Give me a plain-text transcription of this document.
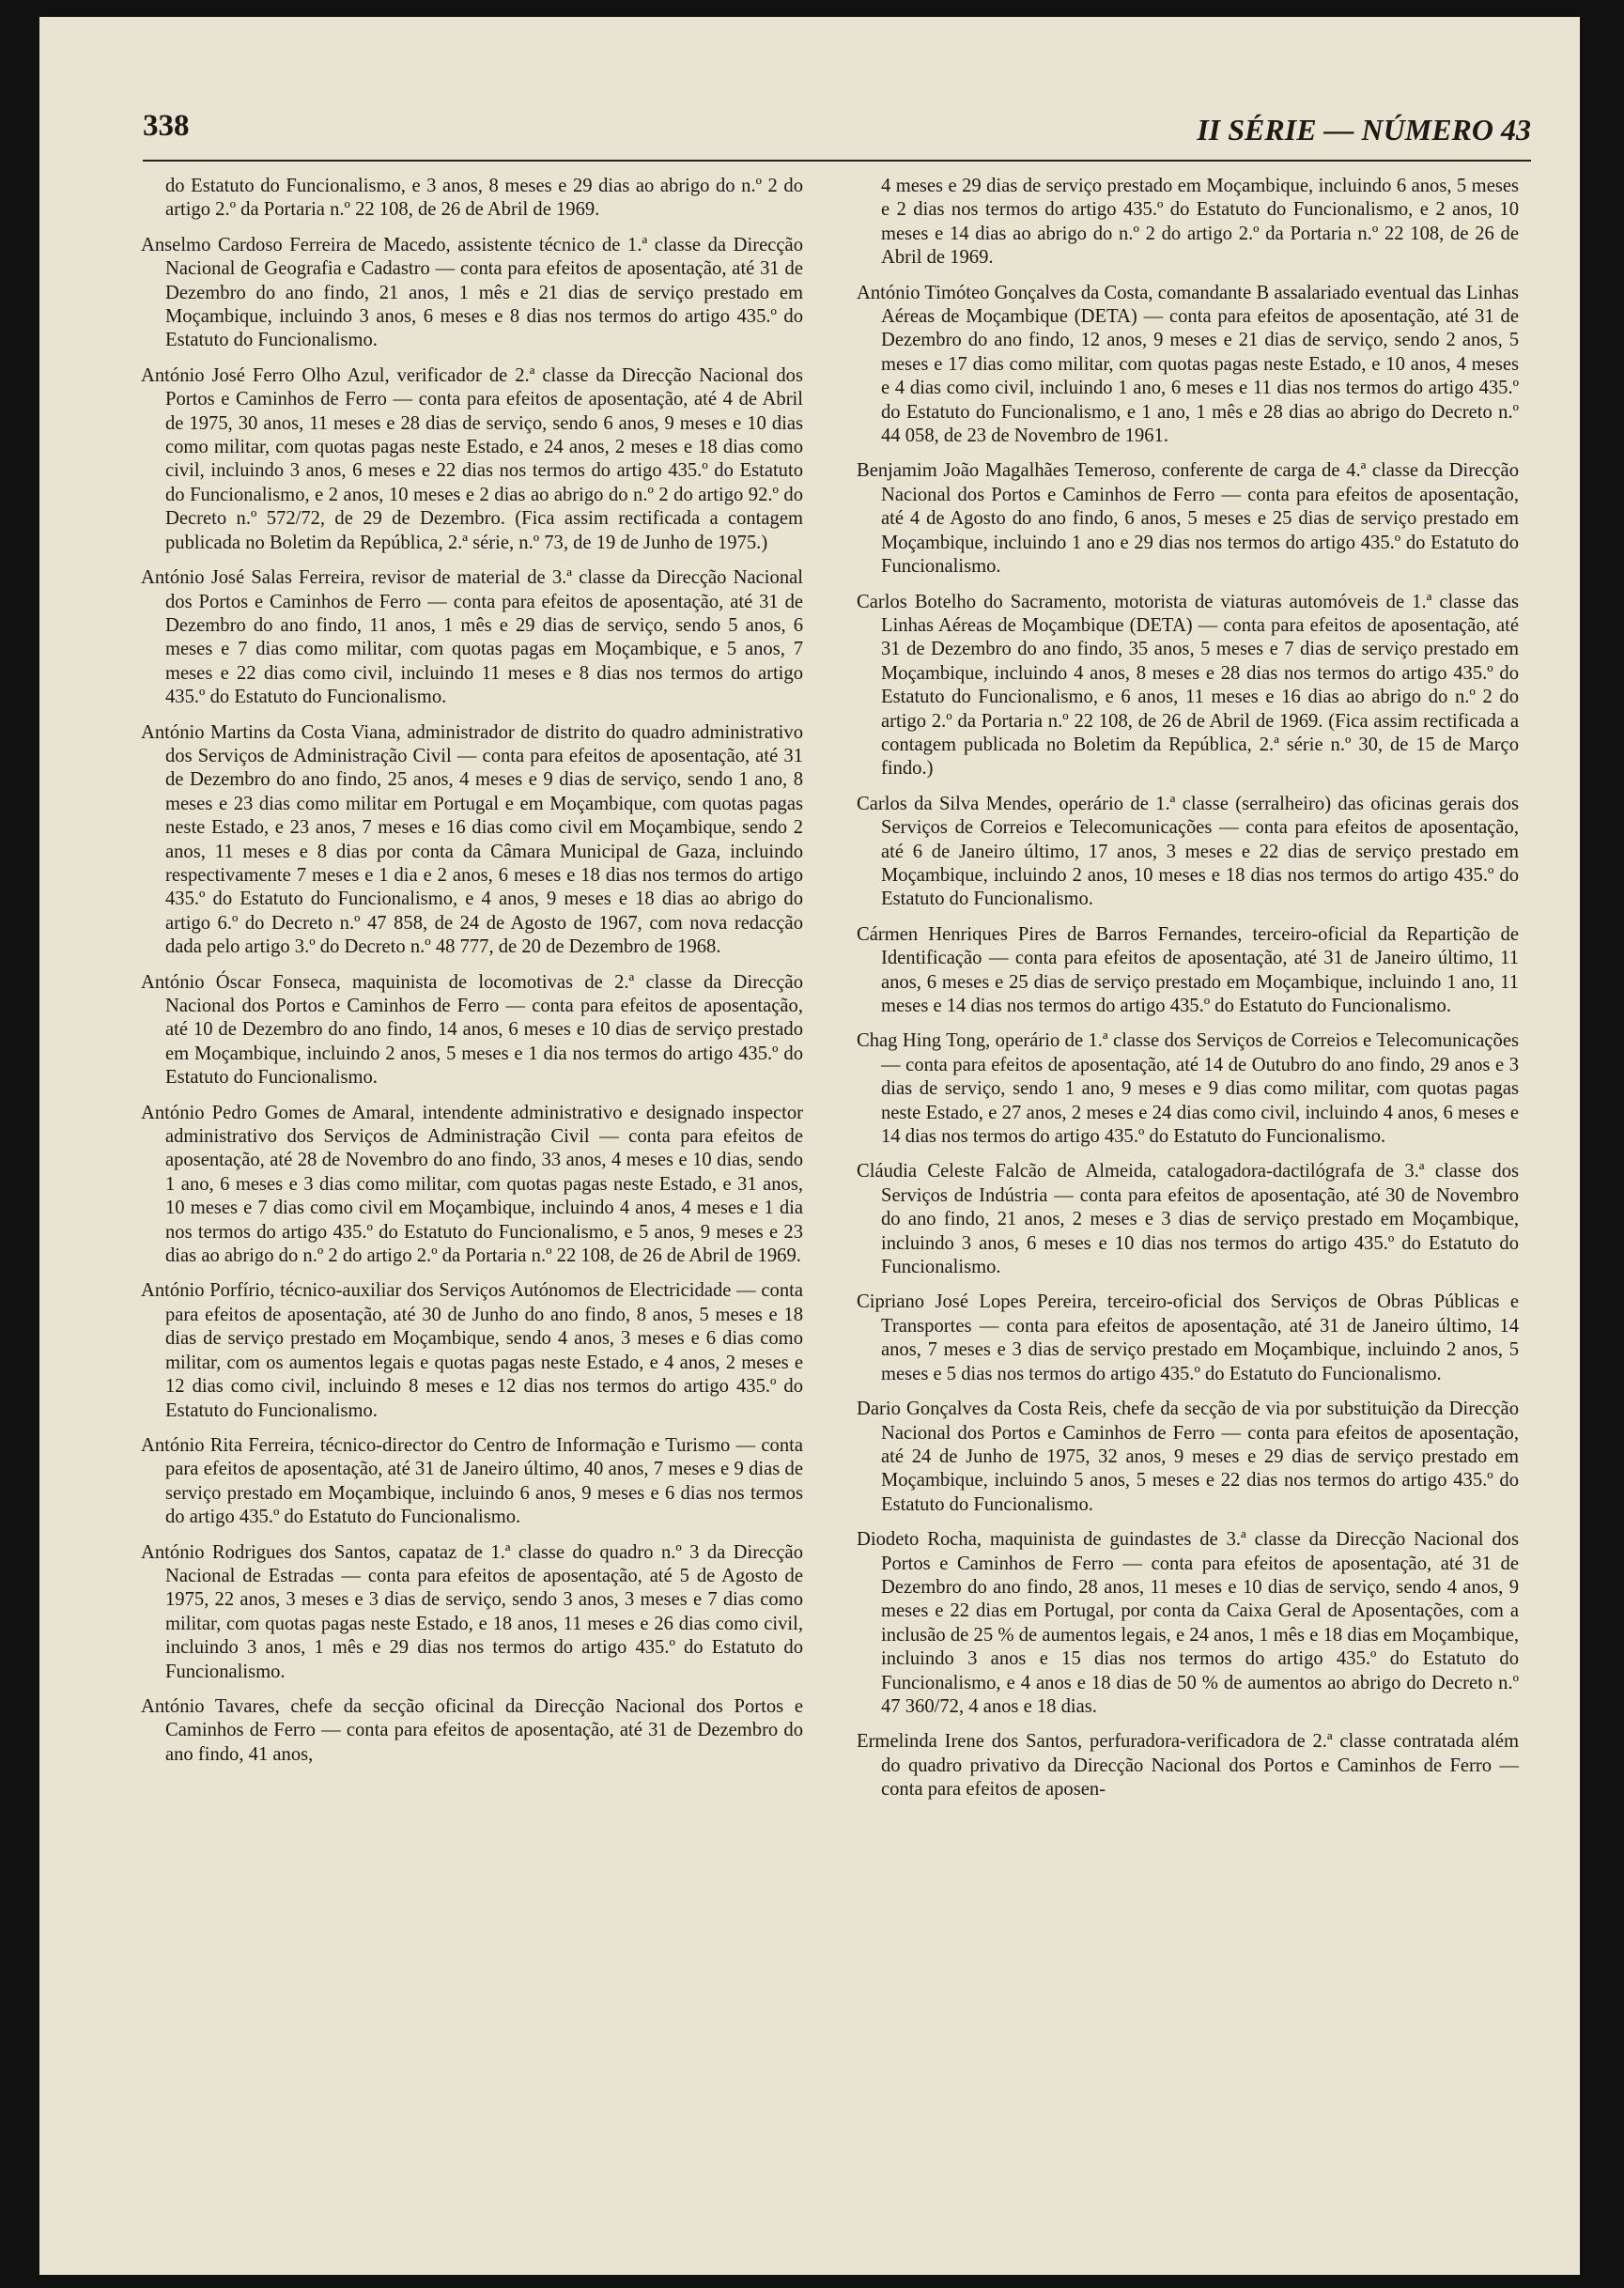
338	II SÉRIE — NÚMERO 43

do Estatuto do Funcionalismo, e 3 anos, 8 meses e 29 dias ao abrigo do n.º 2 do artigo 2.º da Portaria n.º 22 108, de 26 de Abril de 1969.

Anselmo Cardoso Ferreira de Macedo, assistente técnico de 1.ª classe da Direcção Nacional de Geografia e Cadastro — conta para efeitos de aposentação, até 31 de Dezembro do ano findo, 21 anos, 1 mês e 21 dias de serviço prestado em Moçambique, incluindo 3 anos, 6 meses e 8 dias nos termos do artigo 435.º do Estatuto do Funcionalismo.

António José Ferro Olho Azul, verificador de 2.ª classe da Direcção Nacional dos Portos e Caminhos de Ferro — conta para efeitos de aposentação, até 4 de Abril de 1975, 30 anos, 11 meses e 28 dias de serviço, sendo 6 anos, 9 meses e 10 dias como militar, com quotas pagas neste Estado, e 24 anos, 2 meses e 18 dias como civil, incluindo 3 anos, 6 meses e 22 dias nos termos do artigo 435.º do Estatuto do Funcionalismo, e 2 anos, 10 meses e 2 dias ao abrigo do n.º 2 do artigo 92.º do Decreto n.º 572/72, de 29 de Dezembro. (Fica assim rectificada a contagem publicada no Boletim da República, 2.ª série, n.º 73, de 19 de Junho de 1975.)

António José Salas Ferreira, revisor de material de 3.ª classe da Direcção Nacional dos Portos e Caminhos de Ferro — conta para efeitos de aposentação, até 31 de Dezembro do ano findo, 11 anos, 1 mês e 29 dias de serviço, sendo 5 anos, 6 meses e 7 dias como militar, com quotas pagas em Moçambique, e 5 anos, 7 meses e 22 dias como civil, incluindo 11 meses e 8 dias nos termos do artigo 435.º do Estatuto do Funcionalismo.

António Martins da Costa Viana, administrador de distrito do quadro administrativo dos Serviços de Administração Civil — conta para efeitos de aposentação, até 31 de Dezembro do ano findo, 25 anos, 4 meses e 9 dias de serviço, sendo 1 ano, 8 meses e 23 dias como militar em Portugal e em Moçambique, com quotas pagas neste Estado, e 23 anos, 7 meses e 16 dias como civil em Moçambique, sendo 2 anos, 11 meses e 8 dias por conta da Câmara Municipal de Gaza, incluindo respectivamente 7 meses e 1 dia e 2 anos, 6 meses e 18 dias nos termos do artigo 435.º do Estatuto do Funcionalismo, e 4 anos, 9 meses e 18 dias ao abrigo do artigo 6.º do Decreto n.º 47 858, de 24 de Agosto de 1967, com nova redacção dada pelo artigo 3.º do Decreto n.º 48 777, de 20 de Dezembro de 1968.

António Óscar Fonseca, maquinista de locomotivas de 2.ª classe da Direcção Nacional dos Portos e Caminhos de Ferro — conta para efeitos de aposentação, até 10 de Dezembro do ano findo, 14 anos, 6 meses e 10 dias de serviço prestado em Moçambique, incluindo 2 anos, 5 meses e 1 dia nos termos do artigo 435.º do Estatuto do Funcionalismo.

António Pedro Gomes de Amaral, intendente administrativo e designado inspector administrativo dos Serviços de Administração Civil — conta para efeitos de aposentação, até 28 de Novembro do ano findo, 33 anos, 4 meses e 10 dias, sendo 1 ano, 6 meses e 3 dias como militar, com quotas pagas neste Estado, e 31 anos, 10 meses e 7 dias como civil em Moçambique, incluindo 4 anos, 4 meses e 1 dia nos termos do artigo 435.º do Estatuto do Funcionalismo, e 5 anos, 9 meses e 23 dias ao abrigo do n.º 2 do artigo 2.º da Portaria n.º 22 108, de 26 de Abril de 1969.

António Porfírio, técnico-auxiliar dos Serviços Autónomos de Electricidade — conta para efeitos de aposentação, até 30 de Junho do ano findo, 8 anos, 5 meses e 18 dias de serviço prestado em Moçambique, sendo 4 anos, 3 meses e 6 dias como militar, com os aumentos legais e quotas pagas neste Estado, e 4 anos, 2 meses e 12 dias como civil, incluindo 8 meses e 12 dias nos termos do artigo 435.º do Estatuto do Funcionalismo.

António Rita Ferreira, técnico-director do Centro de Informação e Turismo — conta para efeitos de aposentação, até 31 de Janeiro último, 40 anos, 7 meses e 9 dias de serviço prestado em Moçambique, incluindo 6 anos, 9 meses e 6 dias nos termos do artigo 435.º do Estatuto do Funcionalismo.

António Rodrigues dos Santos, capataz de 1.ª classe do quadro n.º 3 da Direcção Nacional de Estradas — conta para efeitos de aposentação, até 5 de Agosto de 1975, 22 anos, 3 meses e 3 dias de serviço, sendo 3 anos, 3 meses e 7 dias como militar, com quotas pagas neste Estado, e 18 anos, 11 meses e 26 dias como civil, incluindo 3 anos, 1 mês e 29 dias nos termos do artigo 435.º do Estatuto do Funcionalismo.

António Tavares, chefe da secção oficinal da Direcção Nacional dos Portos e Caminhos de Ferro — conta para efeitos de aposentação, até 31 de Dezembro do ano findo, 41 anos,

4 meses e 29 dias de serviço prestado em Moçambique, incluindo 6 anos, 5 meses e 2 dias nos termos do artigo 435.º do Estatuto do Funcionalismo, e 2 anos, 10 meses e 14 dias ao abrigo do n.º 2 do artigo 2.º da Portaria n.º 22 108, de 26 de Abril de 1969.

António Timóteo Gonçalves da Costa, comandante B assalariado eventual das Linhas Aéreas de Moçambique (DETA) — conta para efeitos de aposentação, até 31 de Dezembro do ano findo, 12 anos, 9 meses e 21 dias de serviço, sendo 2 anos, 5 meses e 17 dias como militar, com quotas pagas neste Estado, e 10 anos, 4 meses e 4 dias como civil, incluindo 1 ano, 6 meses e 11 dias nos termos do artigo 435.º do Estatuto do Funcionalismo, e 1 ano, 1 mês e 28 dias ao abrigo do Decreto n.º 44 058, de 23 de Novembro de 1961.

Benjamim João Magalhães Temeroso, conferente de carga de 4.ª classe da Direcção Nacional dos Portos e Caminhos de Ferro — conta para efeitos de aposentação, até 4 de Agosto do ano findo, 6 anos, 5 meses e 25 dias de serviço prestado em Moçambique, incluindo 1 ano e 29 dias nos termos do artigo 435.º do Estatuto do Funcionalismo.

Carlos Botelho do Sacramento, motorista de viaturas automóveis de 1.ª classe das Linhas Aéreas de Moçambique (DETA) — conta para efeitos de aposentação, até 31 de Dezembro do ano findo, 35 anos, 5 meses e 7 dias de serviço prestado em Moçambique, incluindo 4 anos, 8 meses e 28 dias nos termos do artigo 435.º do Estatuto do Funcionalismo, e 6 anos, 11 meses e 16 dias ao abrigo do n.º 2 do artigo 2.º da Portaria n.º 22 108, de 26 de Abril de 1969. (Fica assim rectificada a contagem publicada no Boletim da República, 2.ª série n.º 30, de 15 de Março findo.)

Carlos da Silva Mendes, operário de 1.ª classe (serralheiro) das oficinas gerais dos Serviços de Correios e Telecomunicações — conta para efeitos de aposentação, até 6 de Janeiro último, 17 anos, 3 meses e 22 dias de serviço prestado em Moçambique, incluindo 2 anos, 10 meses e 18 dias nos termos do artigo 435.º do Estatuto do Funcionalismo.

Cármen Henriques Pires de Barros Fernandes, terceiro-oficial da Repartição de Identificação — conta para efeitos de aposentação, até 31 de Janeiro último, 11 anos, 6 meses e 25 dias de serviço prestado em Moçambique, incluindo 1 ano, 11 meses e 14 dias nos termos do artigo 435.º do Estatuto do Funcionalismo.

Chag Hing Tong, operário de 1.ª classe dos Serviços de Correios e Telecomunicações — conta para efeitos de aposentação, até 14 de Outubro do ano findo, 29 anos e 3 dias de serviço, sendo 1 ano, 9 meses e 9 dias como militar, com quotas pagas neste Estado, e 27 anos, 2 meses e 24 dias como civil, incluindo 4 anos, 6 meses e 14 dias nos termos do artigo 435.º do Estatuto do Funcionalismo.

Cláudia Celeste Falcão de Almeida, catalogadora-dactilógrafa de 3.ª classe dos Serviços de Indústria — conta para efeitos de aposentação, até 30 de Novembro do ano findo, 21 anos, 2 meses e 3 dias de serviço prestado em Moçambique, incluindo 3 anos, 6 meses e 10 dias nos termos do artigo 435.º do Estatuto do Funcionalismo.

Cipriano José Lopes Pereira, terceiro-oficial dos Serviços de Obras Públicas e Transportes — conta para efeitos de aposentação, até 31 de Janeiro último, 14 anos, 7 meses e 3 dias de serviço prestado em Moçambique, incluindo 2 anos, 5 meses e 5 dias nos termos do artigo 435.º do Estatuto do Funcionalismo.

Dario Gonçalves da Costa Reis, chefe da secção de via por substituição da Direcção Nacional dos Portos e Caminhos de Ferro — conta para efeitos de aposentação, até 24 de Junho de 1975, 32 anos, 9 meses e 29 dias de serviço prestado em Moçambique, incluindo 5 anos, 5 meses e 22 dias nos termos do artigo 435.º do Estatuto do Funcionalismo.

Diodeto Rocha, maquinista de guindastes de 3.ª classe da Direcção Nacional dos Portos e Caminhos de Ferro — conta para efeitos de aposentação, até 31 de Dezembro do ano findo, 28 anos, 11 meses e 10 dias de serviço, sendo 4 anos, 9 meses e 22 dias em Portugal, por conta da Caixa Geral de Aposentações, com a inclusão de 25 % de aumentos legais, e 24 anos, 1 mês e 18 dias em Moçambique, incluindo 3 anos e 15 dias nos termos do artigo 435.º do Estatuto do Funcionalismo, e 4 anos e 18 dias de 50 % de aumentos ao abrigo do Decreto n.º 47 360/72, 4 anos e 18 dias.

Ermelinda Irene dos Santos, perfuradora-verificadora de 2.ª classe contratada além do quadro privativo da Direcção Nacional dos Portos e Caminhos de Ferro — conta para efeitos de aposen-
